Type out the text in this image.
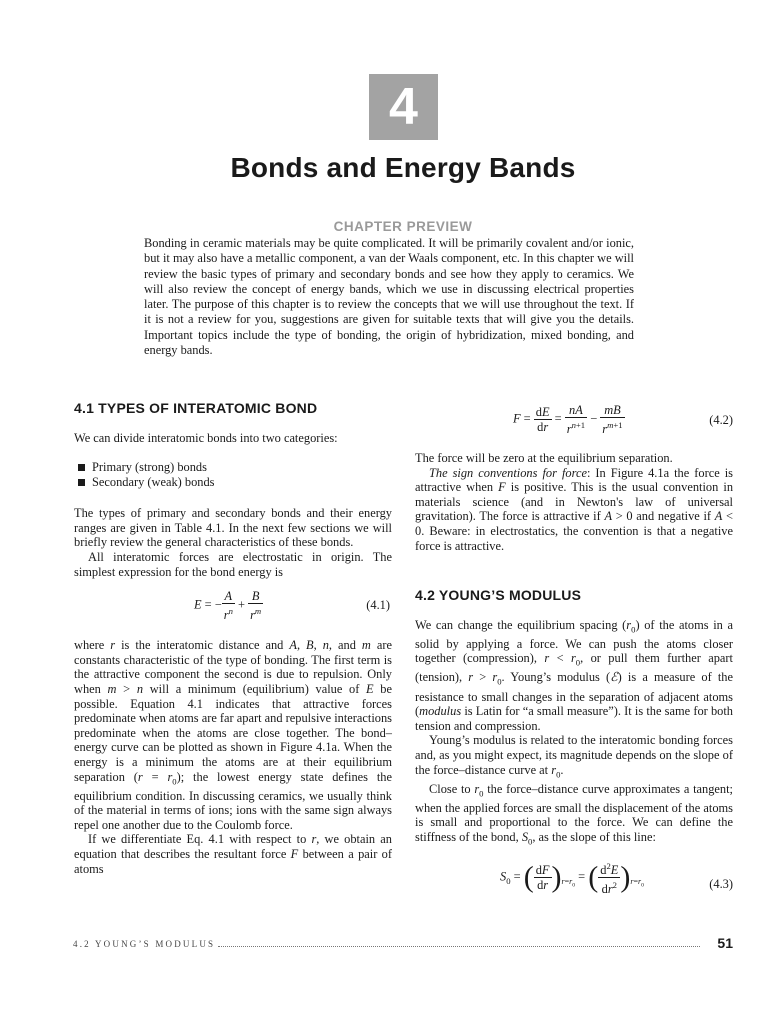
4
Bonds and Energy Bands
CHAPTER PREVIEW
Bonding in ceramic materials may be quite complicated. It will be primarily covalent and/or ionic, but it may also have a metallic component, a van der Waals component, etc. In this chapter we will review the basic types of primary and secondary bonds and see how they apply to ceramics. We will also review the concept of energy bands, which we use in discussing electrical properties later. The purpose of this chapter is to review the concepts that we will use throughout the text. If it is not a review for you, suggestions are given for suitable texts that will give you the details. Important topics include the type of bonding, the origin of hybridization, mixed bonding, and energy bands.
4.1 TYPES OF INTERATOMIC BOND

We can divide interatomic bonds into two categories:

Primary (strong) bonds
Secondary (weak) bonds

The types of primary and secondary bonds and their energy ranges are given in Table 4.1. In the next few sections we will briefly review the general characteristics of these bonds.

All interatomic forces are electrostatic in origin. The simplest expression for the bond energy is

E = − $\frac{A}{r^n} + \frac{B}{r^m}$	(4.1)

where r is the interatomic distance and A, B, n, and m are constants characteristic of the type of bonding. The first term is the attractive component the second is due to repulsion. Only when m > n will a minimum (equilibrium) value of E be possible. Equation 4.1 indicates that attractive forces predominate when atoms are far apart and repulsive interactions predominate when the atoms are close together. The bond–energy curve can be plotted as shown in Figure 4.1a. When the energy is a minimum the atoms are at their equilibrium separation $(r = r_0)$; the lowest energy state defines the equilibrium condition. In discussing ceramics, we usually think of the material in terms of ions; ions with the same sign always repel one another due to the Coulomb force.

If we differentiate Eq. 4.1 with respect to r, we obtain an equation that describes the resultant force F between a pair of atoms

$F = \frac{dE}{dr} = \frac{nA}{r^{n+1}} - \frac{mB}{r^{m+1}}$	(4.2)

The force will be zero at the equilibrium separation.

The sign conventions for force: In Figure 4.1a the force is attractive when F is positive. This is the usual convention in materials science (and in Newton's law of universal gravitation). The force is attractive if A > 0 and negative if A < 0. Beware: in electrostatics, the convention is that a negative force is attractive.

4.2 YOUNG’S MODULUS

We can change the equilibrium spacing $(r_0)$ of the atoms in a solid by applying a force. We can push the atoms closer together (compression), $r < r_0$, or pull them further apart (tension), $r > r_0$. Young’s modulus (ℰ) is a measure of the resistance to small changes in the separation of adjacent atoms (modulus is Latin for “a small measure”). It is the same for both tension and compression.

Young’s modulus is related to the interatomic bonding forces and, as you might expect, its magnitude depends on the slope of the force–distance curve at $r_0$.

Close to $r_0$ the force–distance curve approximates a tangent; when the applied forces are small the displacement of the atoms is small and proportional to the force. We can define the stiffness of the bond, $S_0$, as the slope of this line:

$S_0$ = ( $\frac{dF}{dr} )_{r=r_0}$ = ( $\frac{d^2E}{dr^2} )_{r=r_0}$	(4.3)
4.2 YOUNG’S MODULUS	51
